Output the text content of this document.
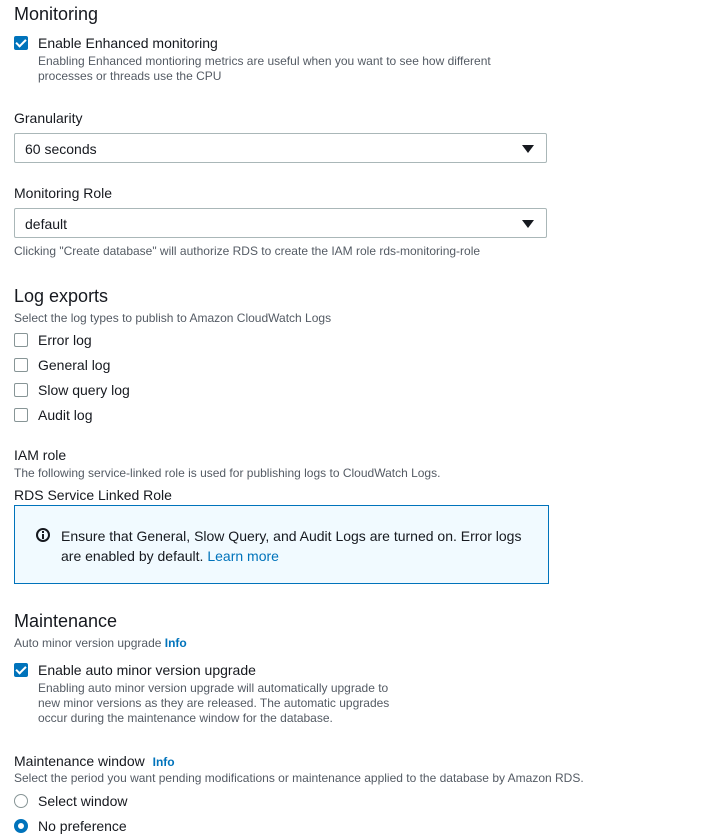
Monitoring
Enable Enhanced monitoring
Enabling Enhanced montioring metrics are useful when you want to see how different
processes or threads use the CPU
Granularity
60 seconds
Monitoring Role
default
Clicking "Create database" will authorize RDS to create the IAM role rds-monitoring-role
Log exports
Select the log types to publish to Amazon CloudWatch Logs
Error log
General log
Slow query log
Audit log
IAM role
The following service-linked role is used for publishing logs to CloudWatch Logs.
RDS Service Linked Role
Ensure that General, Slow Query, and Audit Logs are turned on. Error logs
are enabled by default. Learn more
Maintenance
Auto minor version upgrade Info
Enable auto minor version upgrade
Enabling auto minor version upgrade will automatically upgrade to
new minor versions as they are released. The automatic upgrades
occur during the maintenance window for the database.
Maintenance window Info
Select the period you want pending modifications or maintenance applied to the database by Amazon RDS.
Select window
No preference
